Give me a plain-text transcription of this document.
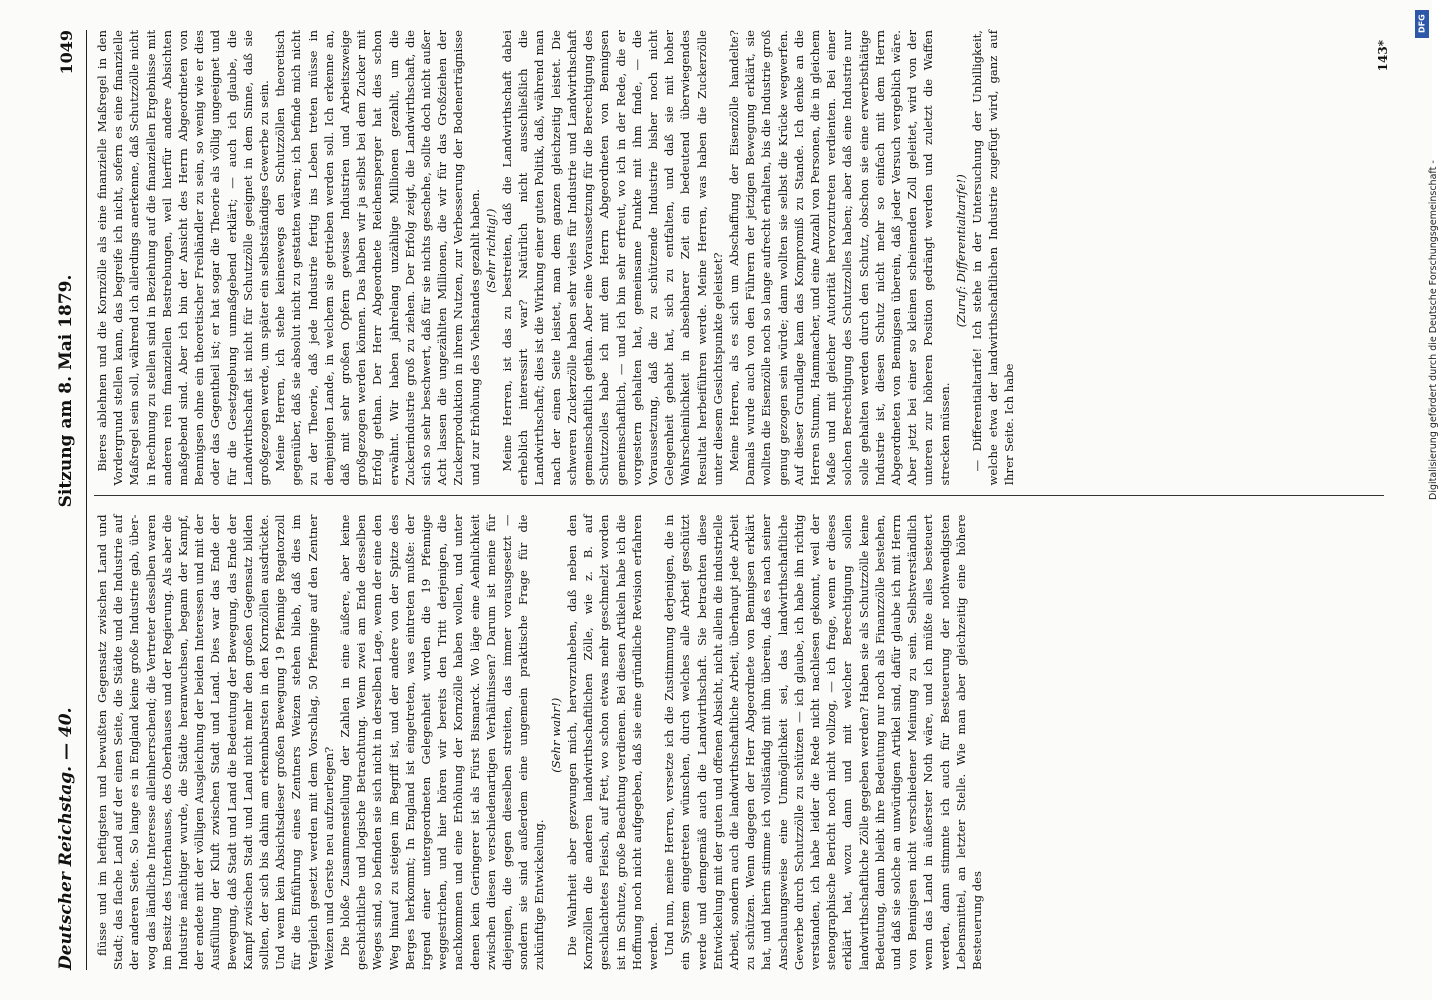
Deutscher Reichstag. — 40.
Sitzung am 8. Mai 1879.
1049

flüsse und im heftigsten und bewußten Gegensatz zwischen Land und Stadt; das flache Land auf der einen Seite, die Städte und die Industrie auf der anderen Seite. So lange es in England keine große Industrie gab, über-wog das ländliche Interesse alleinherrschend; die Vertreter desselben waren im Besitz des Unterhauses, des Oberhauses und der Regierung. Als aber die Industrie mächtiger wurde, die Städte heranwuchsen, begann der Kampf, der endete mit der völligen Ausgleichung der beiden Interessen und mit der Ausfüllung der Kluft zwischen Stadt und Land. Dies war das Ende der Bewegung, daß Stadt und Land die Bedeutung der Bewegung, das Ende der Kampf zwischen Stadt und Land nicht mehr den großen Gegensatz bilden sollten, der sich bis dahin am erkennbarsten in den Kornzöllen ausdrückte. Und wenn kein Absichtsdieser großen Bewegung 19 Pfennige Regatorzoll für die Einführung eines Zentners Weizen stehen blieb, daß dies im Vergleich gesetzt werden mit dem Vorschlag, 50 Pfennige auf den Zentner Weizen und Gerste neu aufzuerlegen? Die bloße Zusammenstellung der Zahlen in eine äußere, aber keine geschichtliche und logische Betrachtung. Wenn zwei am Ende desselben Weges sind, so befinden sie sich nicht in derselben Lage, wenn der eine den Weg hinauf zu steigen im Begriff ist, und der andere von der Spitze des Berges herkommt; In England ist eingetreten, was eintreten mußte: der irgend einer untergeordneten Gelegenheit wurden die 19 Pfennige weggestrichen, und hier hören wir bereits den Tritt derjenigen, die nachkommen und eine Erhöhung der Kornzölle haben wollen, und unter denen kein Geringerer ist als Fürst Bismarck. Wo läge eine Aehnlichkeit zwischen diesen verschiedenartigen Verhältnissen? Darum ist meine für diejenigen, die gegen dieselben streiten, das immer vorausgesetzt — sondern sie sind außerdem eine ungemein praktische Frage für die zukünftige Entwickelung.

(Sehr wahr!) Die Wahrheit aber gezwungen mich, hervorzuheben, daß neben den Kornzöllen die anderen landwirthschaftlichen Zölle, wie z. B. auf geschlachtetes Fleisch, auf Fett, wo schon etwas mehr geschmelzt worden ist im Schutze, große Beachtung verdienen. Bei diesen Artikeln habe ich die Hoffnung noch nicht aufgegeben, daß sie eine gründliche Revision erfahren werden. Und nun, meine Herren, versetze ich die Zustimmung derjenigen, die in ein System eingetreten wünschen, durch welches alle Arbeit geschützt werde und demgemäß auch die Landwirthschaft. Sie betrachten diese Entwickelung mit der guten und offenen Absicht, nicht allein die industrielle Arbeit, sondern auch die landwirthschaftliche Arbeit, überhaupt jede Arbeit zu schützen. Wenn dagegen der Herr Abgeordnete von Bennigsen erklärt hat, und hierin stimme ich vollständig mit ihm überein, daß es nach seiner Anschauungsweise eine Unmöglichkeit sei, das landwirthschaftliche Gewerbe durch Schutzzölle zu schützen — ich glaube, ich habe ihn richtig verstanden, ich habe leider die Rede nicht nachlesen gekonnt, weil der stenographische Bericht noch nicht vollzog, — ich frage, wenn er dieses erklärt hat, wozu dann und mit welcher Berechtigung sollen landwirthschaftliche Zölle gegeben werden? Haben sie als Schutzzölle keine Bedeutung, dann bleibt ihre Bedeutung nur noch als Finanzzölle bestehen, und daß sie solche an unwürdigen Artikel sind, dafür glaube ich mit Herrn von Bennigsen nicht verschiedener Meinung zu sein. Selbstverständlich wenn das Land in äußerster Noth wäre, und ich müßte alles besteuert werden, dann stimmte ich auch für Besteuerung der nothwendigsten Lebensmittel, an letzter Stelle. Wie man aber gleichzeitig eine höhere Besteuerung des

Bieres ablehnen und die Kornzölle als eine finanzielle Maßregel in den Vordergrund stellen kann, das begreife ich nicht, sofern es eine finanzielle Maßregel sein soll, während ich allerdings anerkenne, daß Schutzzölle nicht in Rechnung zu stellen sind in Beziehung auf die finanziellen Ergebnisse mit anderen rein finanziellen Bestrebungen, weil hierfür andere Absichten maßgebend sind. Aber ich bin der Ansicht des Herrn Abgeordneten von Bennigsen ohne ein theoretischer Freihändler zu sein, so wenig wie er dies oder das Gegentheil ist; er hat sogar die Theorie als völlig ungeeignet und für die Gesetzgebung unmaßgebend erklärt; — auch ich glaube, die Landwirthschaft ist nicht für Schutzzölle geeignet in dem Sinne, daß sie großgezogen werde, um später ein selbstständiges Gewerbe zu sein. Meine Herren, ich stehe keineswegs den Schutzzöllen theoretisch gegenüber, daß sie absolut nicht zu gestatten wären; ich befinde mich nicht zu der Theorie, daß jede Industrie fertig ins Leben treten müsse in demjenigen Lande, in welchem sie getrieben werden soll. Ich erkenne an, daß mit sehr großen Opfern gewisse Industrien und Arbeitszweige großgezogen werden können. Das haben wir ja selbst bei dem Zucker mit Erfolg gethan. Der Herr Abgeordnete Reichensperger hat dies schon erwähnt. Wir haben jahrelang unzählige Millionen gezahlt, um die Zuckerindustrie groß zu ziehen. Der Erfolg zeigt, die Landwirthschaft, die sich so sehr beschwert, daß für sie nichts geschehe, sollte doch nicht außer Acht lassen die ungezählten Millionen, die wir für das Großziehen der Zuckerproduktion in ihrem Nutzen, zur Verbesserung der Bodenerträgnisse und zur Erhöhung des Viehstandes gezahlt haben. (Sehr richtig!) Meine Herren, ist das zu bestreiten, daß die Landwirthschaft dabei erheblich interessirt war? Natürlich nicht ausschließlich die Landwirthschaft; dies ist die Wirkung einer guten Politik, daß, während man nach der einen Seite leistet, man dem ganzen gleichzeitig leistet. Die schweren Zuckerzölle haben sehr vieles für Industrie und Landwirthschaft gemeinschaftlich gethan. Aber eine Voraussetzung für die Berechtigung des Schutzzolles habe ich mit dem Herrn Abgeordneten von Bennigsen gemeinschaftlich, — und ich bin sehr erfreut, wo ich in der Rede, die er vorgestern gehalten hat, gemeinsame Punkte mit ihm finde, — die Voraussetzung, daß die zu schützende Industrie bisher noch nicht Gelegenheit gehabt hat, sich zu entfalten, und daß sie mit hoher Wahrscheinlichkeit in absehbarer Zeit ein bedeutend überwiegendes Resultat herbeiführen werde. Meine Herren, was haben die Zuckerzölle unter diesem Gesichtspunkte geleistet? Meine Herren, als es sich um Abschaffung der Eisenzölle handelte? Damals wurde auch von den Führern der jetzigen Bewegung erklärt, sie wollten die Eisenzölle noch so lange aufrecht erhalten, bis die Industrie groß genug gezogen sein würde; dann wollten sie selbst die Krücke wegwerfen. Auf dieser Grundlage kam das Kompromiß zu Stande. Ich denke an die Herren Stumm, Hammacher, und eine Anzahl von Personen, die in gleichem Maße und mit gleicher Autorität hervorzutreten verdienten. Bei einer solchen Berechtigung des Schutzzolles haben; aber daß eine Industrie nur solle gehalten werden durch den Schutz, obschon sie eine erwerbsthätige Industrie ist, diesen Schutz nicht mehr so einfach mit dem Herrn Abgeordneten von Bennigsen überein, daß jeder Versuch vergeblich wäre. Aber jetzt bei einer so kleinen scheinenden Zoll geleitet, wird von der unteren zur höheren Position gedrängt werden und zuletzt die Waffen strecken müssen.

(Zuruf: Differentialtarife!) — Differentialtarife! Ich stehe in der Untersuchung der Unbilligkeit, welche etwa der landwirthschaftlichen Industrie zugefügt wird, ganz auf Ihrer Seite. Ich habe

143*
DFG
Digitalisierung gefördert durch die Deutsche Forschungsgemeinschaft -
